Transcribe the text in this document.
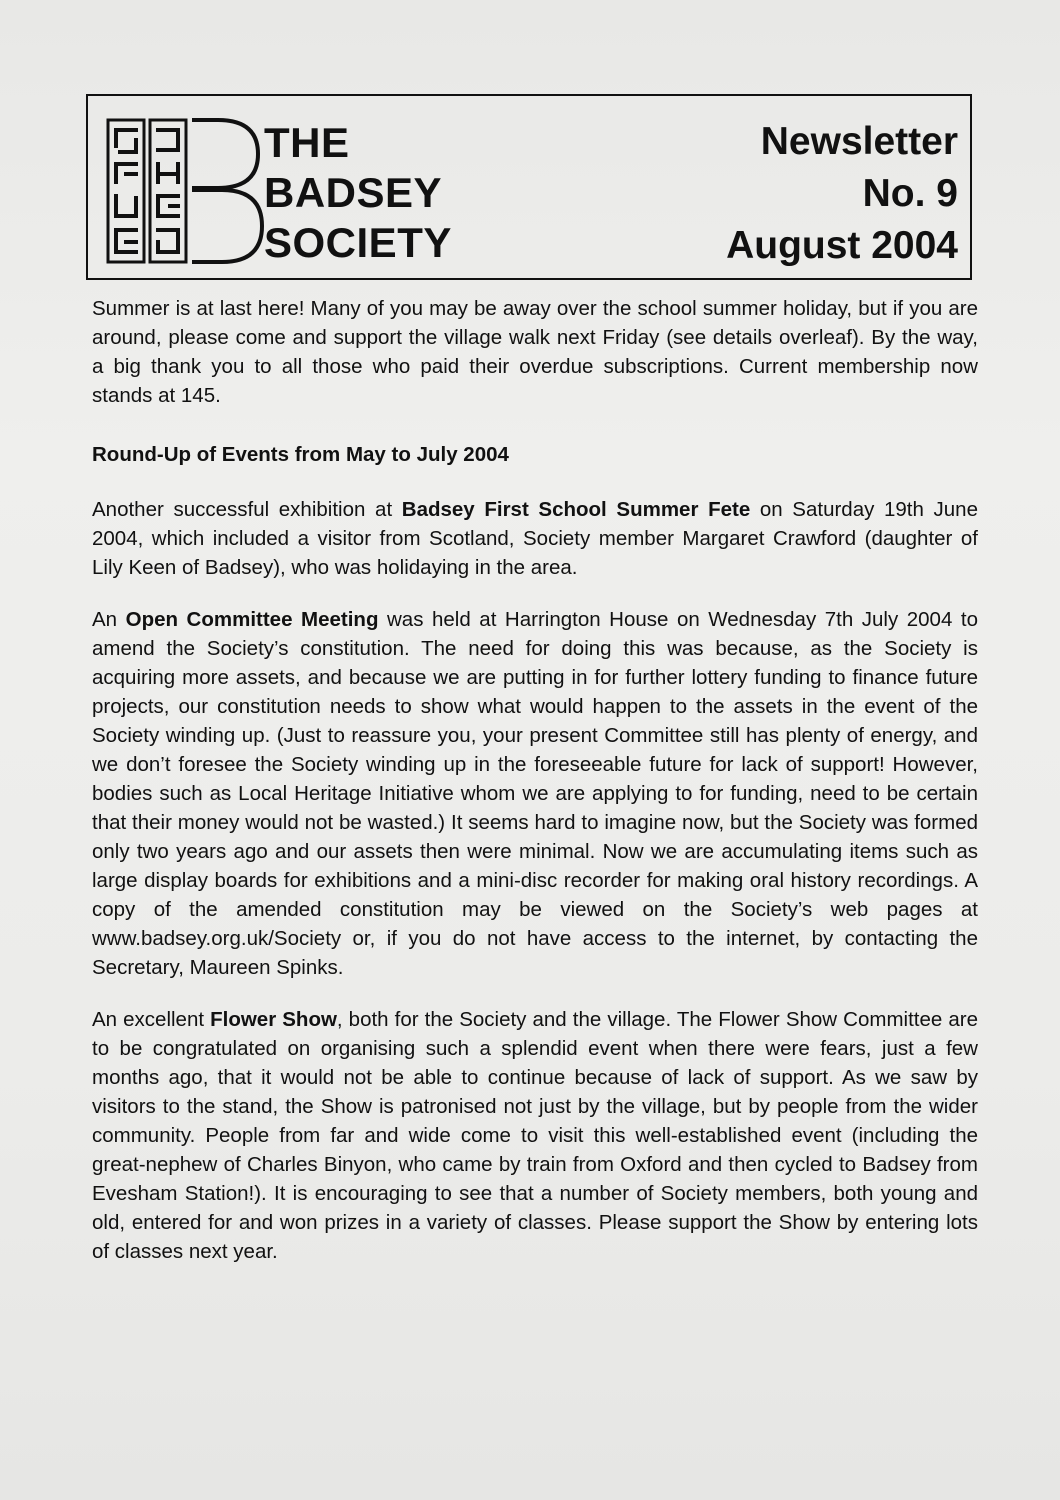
THE
BADSEY
SOCIETY
Newsletter
No. 9
August 2004

Summer is at last here! Many of you may be away over the school summer holiday, but if you are around, please come and support the village walk next Friday (see details overleaf). By the way, a big thank you to all those who paid their overdue subscriptions. Current membership now stands at 145.

Round-Up of Events from May to July 2004

Another successful exhibition at Badsey First School Summer Fete on Saturday 19th June 2004, which included a visitor from Scotland, Society member Margaret Crawford (daughter of Lily Keen of Badsey), who was holidaying in the area.

An Open Committee Meeting was held at Harrington House on Wednesday 7th July 2004 to amend the Society’s constitution. The need for doing this was because, as the Society is acquiring more assets, and because we are putting in for further lottery funding to finance future projects, our constitution needs to show what would happen to the assets in the event of the Society winding up. (Just to reassure you, your present Committee still has plenty of energy, and we don’t foresee the Society winding up in the foreseeable future for lack of support! However, bodies such as Local Heritage Initiative whom we are applying to for funding, need to be certain that their money would not be wasted.) It seems hard to imagine now, but the Society was formed only two years ago and our assets then were minimal. Now we are accumulating items such as large display boards for exhibitions and a mini-disc recorder for making oral history recordings. A copy of the amended constitution may be viewed on the Society’s web pages at www.badsey.org.uk/Society or, if you do not have access to the internet, by contacting the Secretary, Maureen Spinks.

An excellent Flower Show, both for the Society and the village. The Flower Show Committee are to be congratulated on organising such a splendid event when there were fears, just a few months ago, that it would not be able to continue because of lack of support. As we saw by visitors to the stand, the Show is patronised not just by the village, but by people from the wider community. People from far and wide come to visit this well-established event (including the great-nephew of Charles Binyon, who came by train from Oxford and then cycled to Badsey from Evesham Station!). It is encouraging to see that a number of Society members, both young and old, entered for and won prizes in a variety of classes. Please support the Show by entering lots of classes next year.
